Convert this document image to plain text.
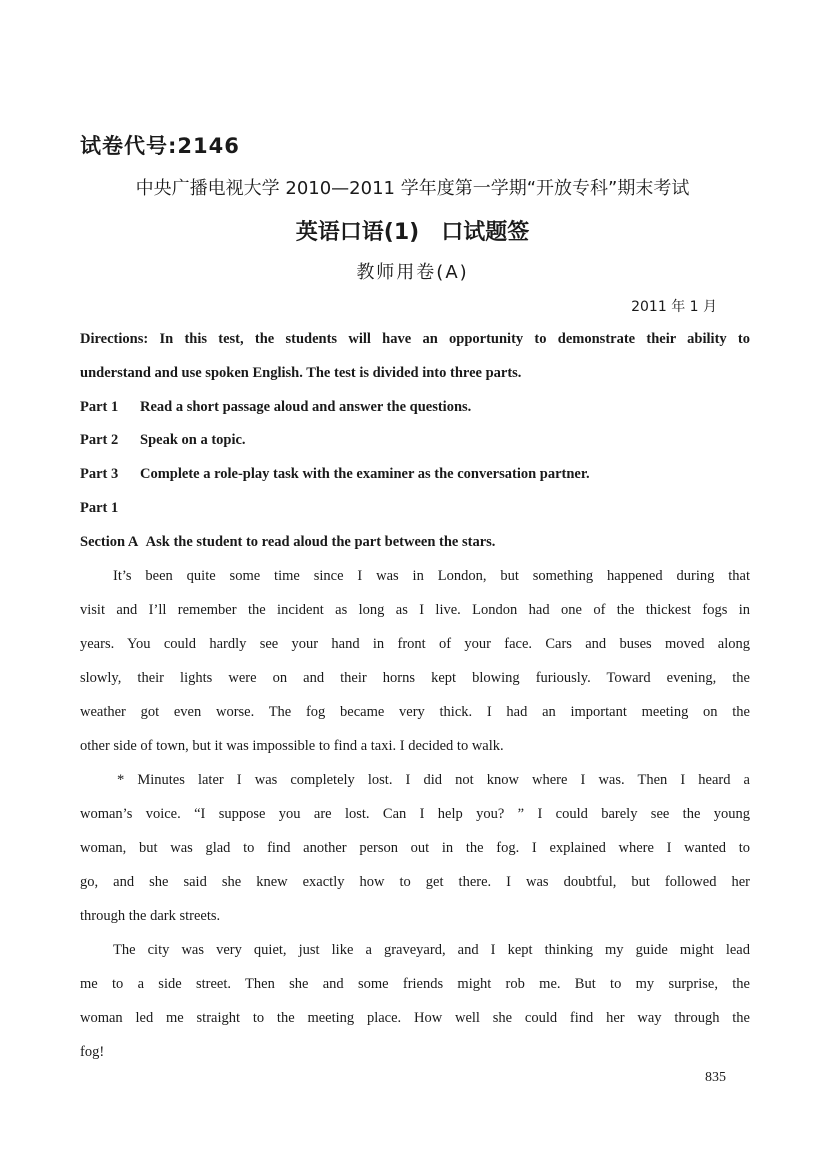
试卷代号:2146
中央广播电视大学 2010—2011 学年度第一学期“开放专科”期末考试
英语口语(1)　口试题签
教师用卷(A)
2011 年 1 月
Directions: In this test, the students will have an opportunity to demonstrate their ability to
understand and use spoken English. The test is divided into three parts.
Part 1 Read a short passage aloud and answer the questions.
Part 2 Speak on a topic.
Part 3 Complete a role-play task with the examiner as the conversation partner.
Part 1
Section A Ask the student to read aloud the part between the stars.
It’s been quite some time since I was in London, but something happened during that
visit and I’ll remember the incident as long as I live. London had one of the thickest fogs in
years. You could hardly see your hand in front of your face. Cars and buses moved along
slowly, their lights were on and their horns kept blowing furiously. Toward evening, the
weather got even worse. The fog became very thick. I had an important meeting on the
other side of town, but it was impossible to find a taxi. I decided to walk.
* Minutes later I was completely lost. I did not know where I was. Then I heard a
woman’s voice. “I suppose you are lost. Can I help you? ” I could barely see the young
woman, but was glad to find another person out in the fog. I explained where I wanted to
go, and she said she knew exactly how to get there. I was doubtful, but followed her
through the dark streets.
The city was very quiet, just like a graveyard, and I kept thinking my guide might lead
me to a side street. Then she and some friends might rob me. But to my surprise, the
woman led me straight to the meeting place. How well she could find her way through the
fog!
835
